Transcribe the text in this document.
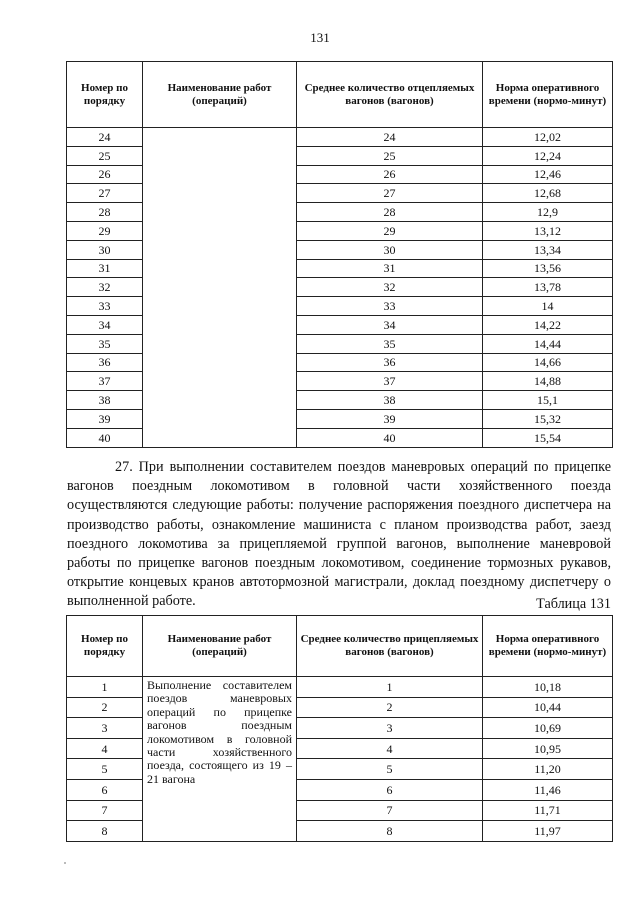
131
Номер по порядку	Наименование работ (операций)	Среднее количество отцепляемых вагонов (вагонов)	Норма оперативного времени (нормо-минут)
24		24	12,02
25		25	12,24
26		26	12,46
27		27	12,68
28		28	12,9
29		29	13,12
30		30	13,34
31		31	13,56
32		32	13,78
33		33	14
34		34	14,22
35		35	14,44
36		36	14,66
37		37	14,88
38		38	15,1
39		39	15,32
40		40	15,54
27. При выполнении составителем поездов маневровых операций по прицепке вагонов поездным локомотивом в головной части хозяйственного поезда осуществляются следующие работы: получение распоряжения поездного диспетчера на производство работы, ознакомление машиниста с планом производства работ, заезд поездного локомотива за прицепляемой группой вагонов, выполнение маневровой работы по прицепке вагонов поездным локомотивом, соединение тормозных рукавов, открытие концевых кранов автотормозной магистрали, доклад поездному диспетчеру о выполненной работе.	Таблица 131
Номер по порядку	Наименование работ (операций)	Среднее количество прицепляемых вагонов (вагонов)	Норма оперативного времени (нормо-минут)
1	Выполнение составителем поездов маневровых операций по прицепке вагонов поездным локомотивом в головной части хозяйственного поезда, состоящего из 19 – 21 вагона	1	10,18
2		2	10,44
3		3	10,69
4		4	10,95
5		5	11,20
6		6	11,46
7		7	11,71
8		8	11,97
